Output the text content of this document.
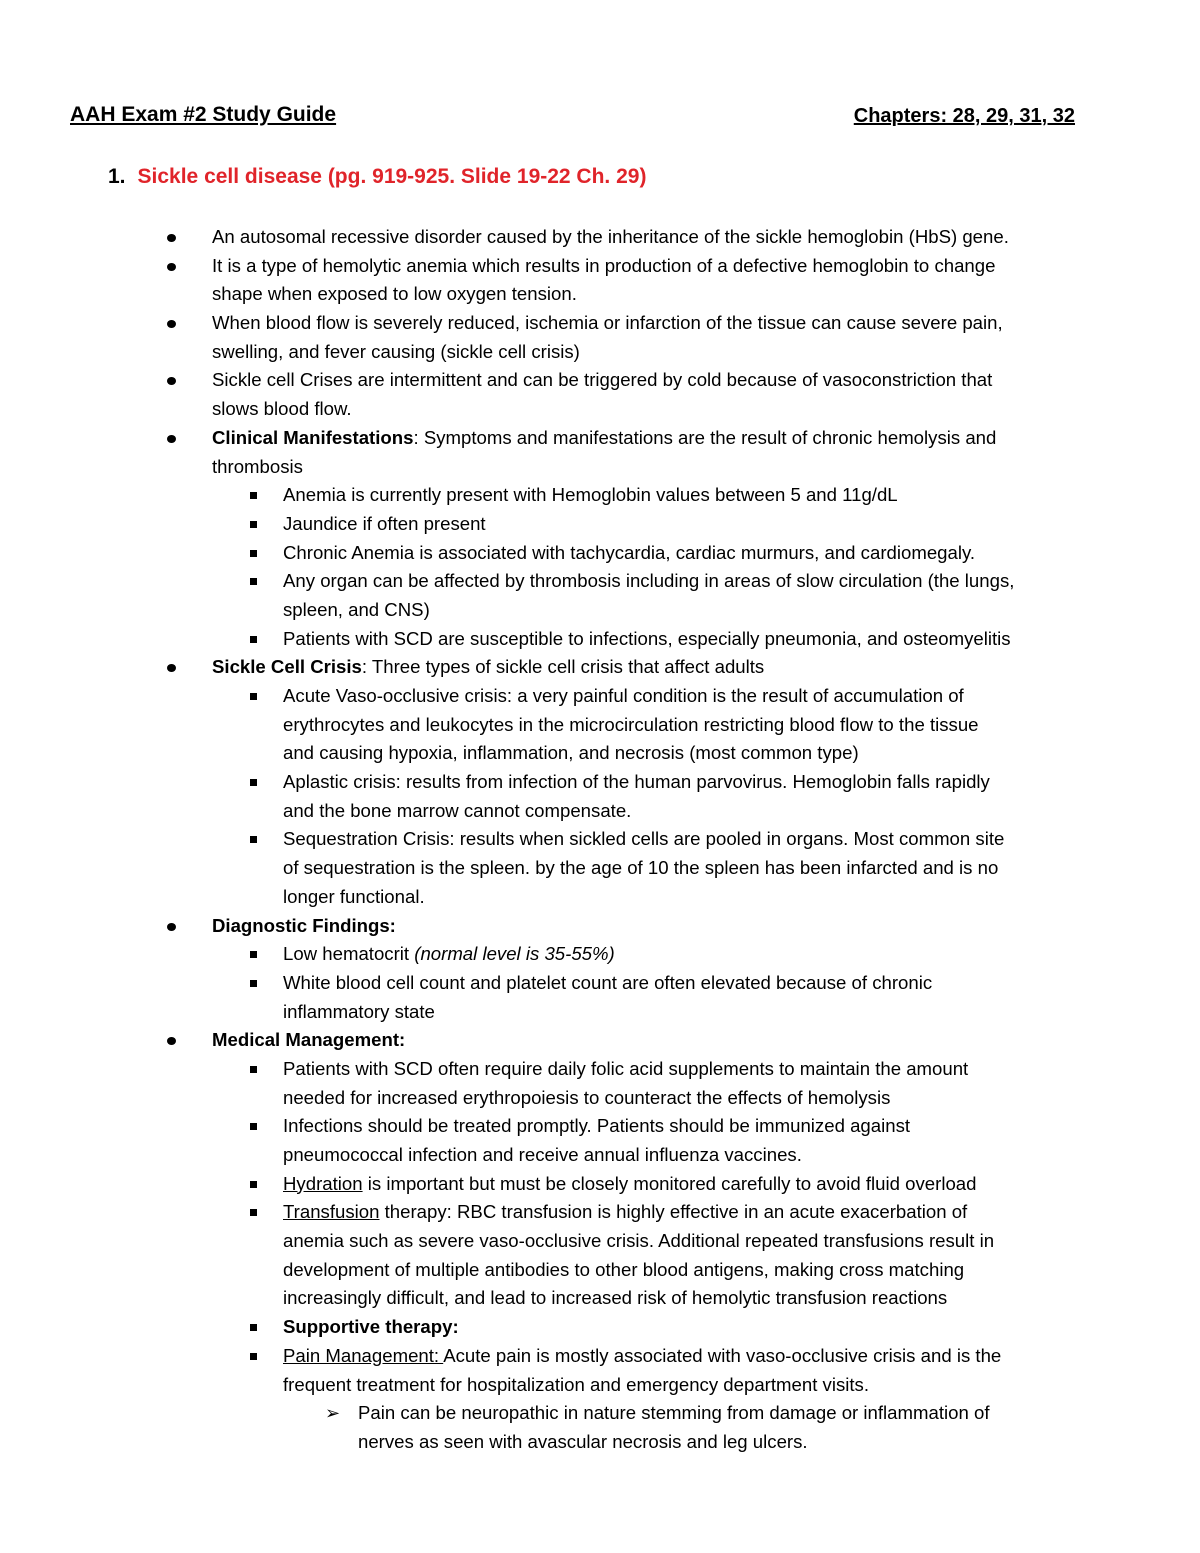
AAH Exam #2 Study Guide	Chapters: 28, 29, 31, 32
1. Sickle cell disease (pg. 919-925. Slide 19-22 Ch. 29)
An autosomal recessive disorder caused by the inheritance of the sickle hemoglobin (HbS) gene.
It is a type of hemolytic anemia which results in production of a defective hemoglobin to change
shape when exposed to low oxygen tension.
When blood flow is severely reduced, ischemia or infarction of the tissue can cause severe pain,
swelling, and fever causing (sickle cell crisis)
Sickle cell Crises are intermittent and can be triggered by cold because of vasoconstriction that
slows blood flow.
Clinical Manifestations: Symptoms and manifestations are the result of chronic hemolysis and
thrombosis
Anemia is currently present with Hemoglobin values between 5 and 11g/dL
Jaundice if often present
Chronic Anemia is associated with tachycardia, cardiac murmurs, and cardiomegaly.
Any organ can be affected by thrombosis including in areas of slow circulation (the lungs,
spleen, and CNS)
Patients with SCD are susceptible to infections, especially pneumonia, and osteomyelitis
Sickle Cell Crisis: Three types of sickle cell crisis that affect adults
Acute Vaso-occlusive crisis: a very painful condition is the result of accumulation of
erythrocytes and leukocytes in the microcirculation restricting blood flow to the tissue
and causing hypoxia, inflammation, and necrosis (most common type)
Aplastic crisis: results from infection of the human parvovirus. Hemoglobin falls rapidly
and the bone marrow cannot compensate.
Sequestration Crisis: results when sickled cells are pooled in organs. Most common site
of sequestration is the spleen. by the age of 10 the spleen has been infarcted and is no
longer functional.
Diagnostic Findings:
Low hematocrit (normal level is 35-55%)
White blood cell count and platelet count are often elevated because of chronic
inflammatory state
Medical Management:
Patients with SCD often require daily folic acid supplements to maintain the amount
needed for increased erythropoiesis to counteract the effects of hemolysis
Infections should be treated promptly. Patients should be immunized against
pneumococcal infection and receive annual influenza vaccines.
Hydration is important but must be closely monitored carefully to avoid fluid overload
Transfusion therapy: RBC transfusion is highly effective in an acute exacerbation of
anemia such as severe vaso-occlusive crisis. Additional repeated transfusions result in
development of multiple antibodies to other blood antigens, making cross matching
increasingly difficult, and lead to increased risk of hemolytic transfusion reactions
Supportive therapy:
Pain Management: Acute pain is mostly associated with vaso-occlusive crisis and is the
frequent treatment for hospitalization and emergency department visits.
➢ Pain can be neuropathic in nature stemming from damage or inflammation of
nerves as seen with avascular necrosis and leg ulcers.
